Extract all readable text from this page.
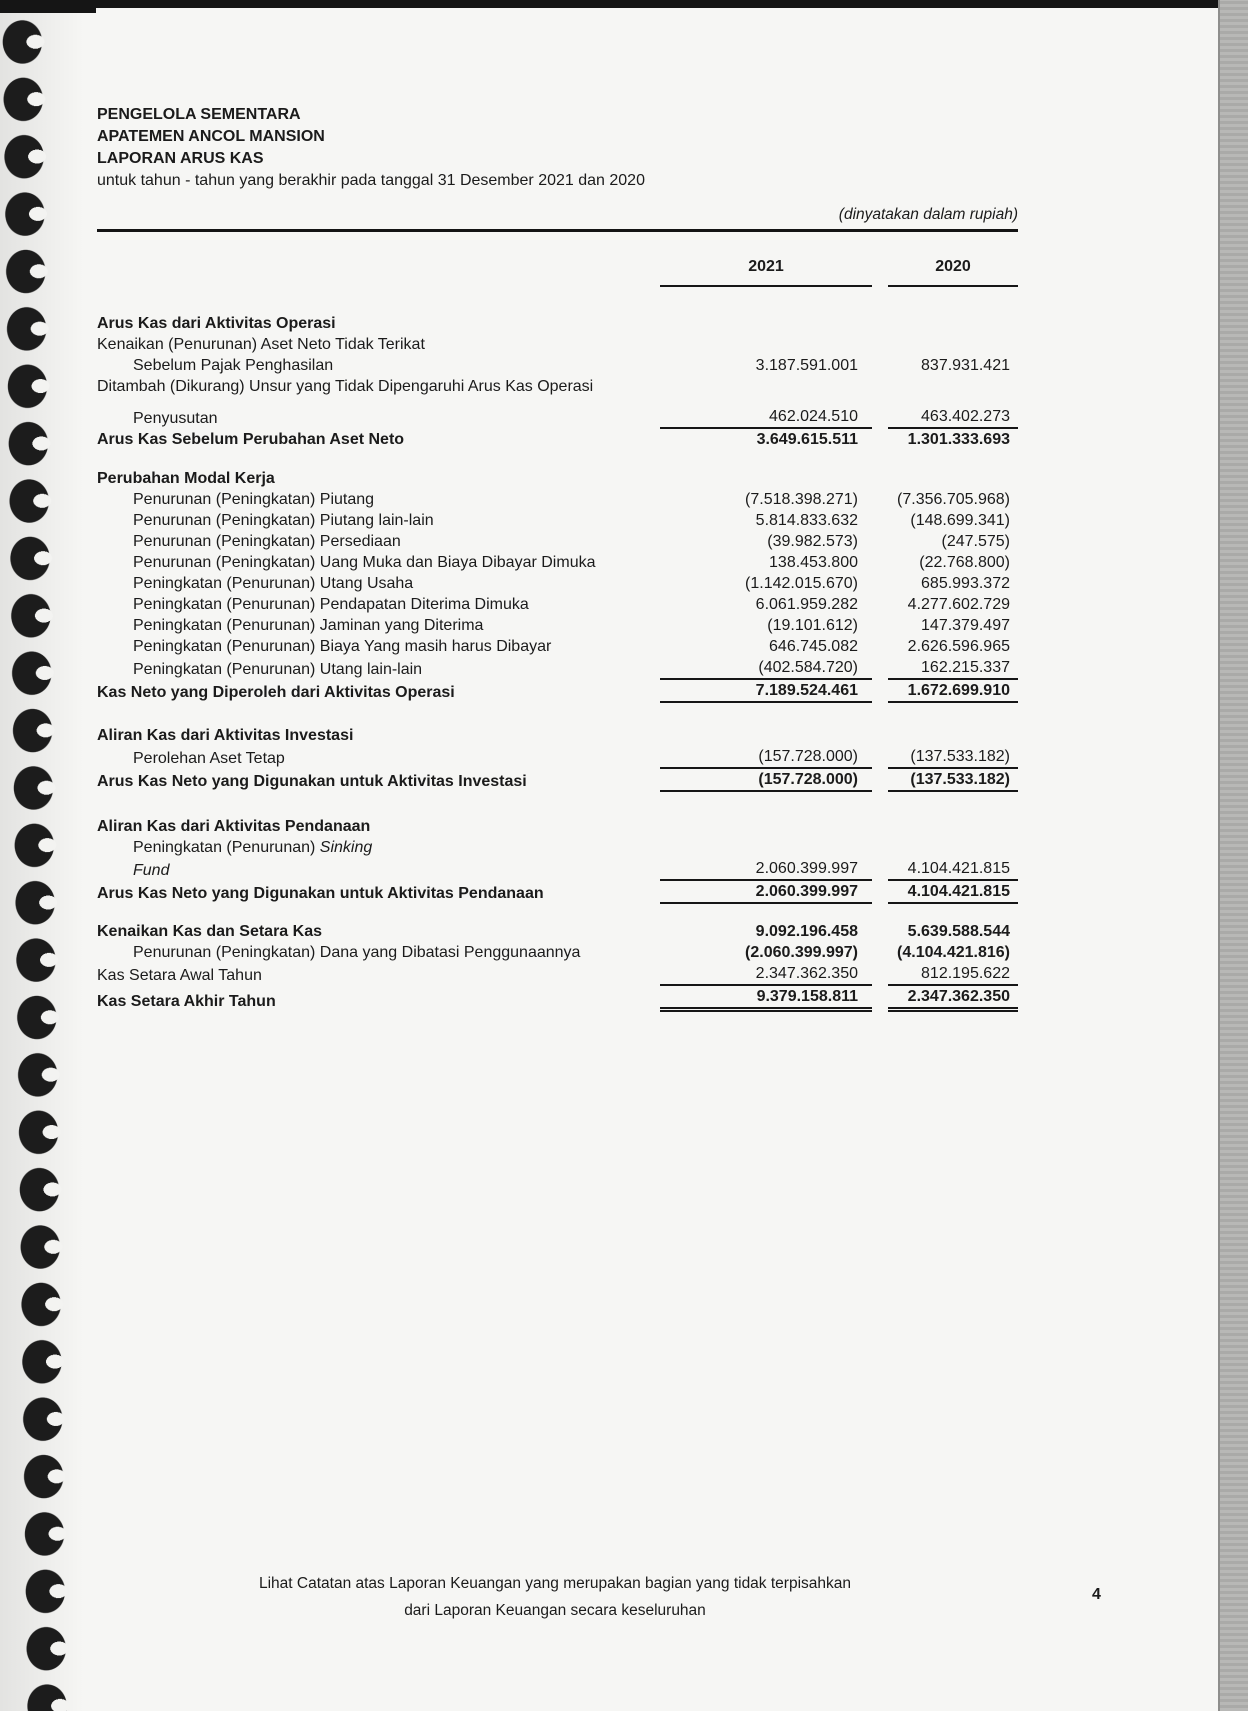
PENGELOLA SEMENTARA
APATEMEN ANCOL MANSION
LAPORAN ARUS KAS
untuk tahun - tahun yang berakhir pada tanggal 31 Desember 2021 dan 2020
(dinyatakan dalam rupiah)
2021	2020
Arus Kas dari Aktivitas Operasi
Kenaikan (Penurunan) Aset Neto Tidak Terikat
Sebelum Pajak Penghasilan	3.187.591.001	837.931.421
Ditambah (Dikurang) Unsur yang Tidak Dipengaruhi Arus Kas Operasi
Penyusutan	462.024.510	463.402.273
Arus Kas Sebelum Perubahan Aset Neto	3.649.615.511	1.301.333.693
Perubahan Modal Kerja
Penurunan (Peningkatan) Piutang	(7.518.398.271)	(7.356.705.968)
Penurunan (Peningkatan) Piutang lain-lain	5.814.833.632	(148.699.341)
Penurunan (Peningkatan) Persediaan	(39.982.573)	(247.575)
Penurunan (Peningkatan) Uang Muka dan Biaya Dibayar Dimuka	138.453.800	(22.768.800)
Peningkatan (Penurunan) Utang Usaha	(1.142.015.670)	685.993.372
Peningkatan (Penurunan) Pendapatan Diterima Dimuka	6.061.959.282	4.277.602.729
Peningkatan (Penurunan) Jaminan yang Diterima	(19.101.612)	147.379.497
Peningkatan (Penurunan) Biaya Yang masih harus Dibayar	646.745.082	2.626.596.965
Peningkatan (Penurunan) Utang lain-lain	(402.584.720)	162.215.337
Kas Neto yang Diperoleh dari Aktivitas Operasi	7.189.524.461	1.672.699.910
Aliran Kas dari Aktivitas Investasi
Perolehan Aset Tetap	(157.728.000)	(137.533.182)
Arus Kas Neto yang Digunakan untuk Aktivitas Investasi	(157.728.000)	(137.533.182)
Aliran Kas dari Aktivitas Pendanaan
Peningkatan (Penurunan) Sinking
Fund	2.060.399.997	4.104.421.815
Arus Kas Neto yang Digunakan untuk Aktivitas Pendanaan	2.060.399.997	4.104.421.815
Kenaikan Kas dan Setara Kas	9.092.196.458	5.639.588.544
Penurunan (Peningkatan) Dana yang Dibatasi Penggunaannya	(2.060.399.997)	(4.104.421.816)
Kas Setara Awal Tahun	2.347.362.350	812.195.622
Kas Setara Akhir Tahun	9.379.158.811	2.347.362.350
Lihat Catatan atas Laporan Keuangan yang merupakan bagian yang tidak terpisahkan
dari Laporan Keuangan secara keseluruhan
4
